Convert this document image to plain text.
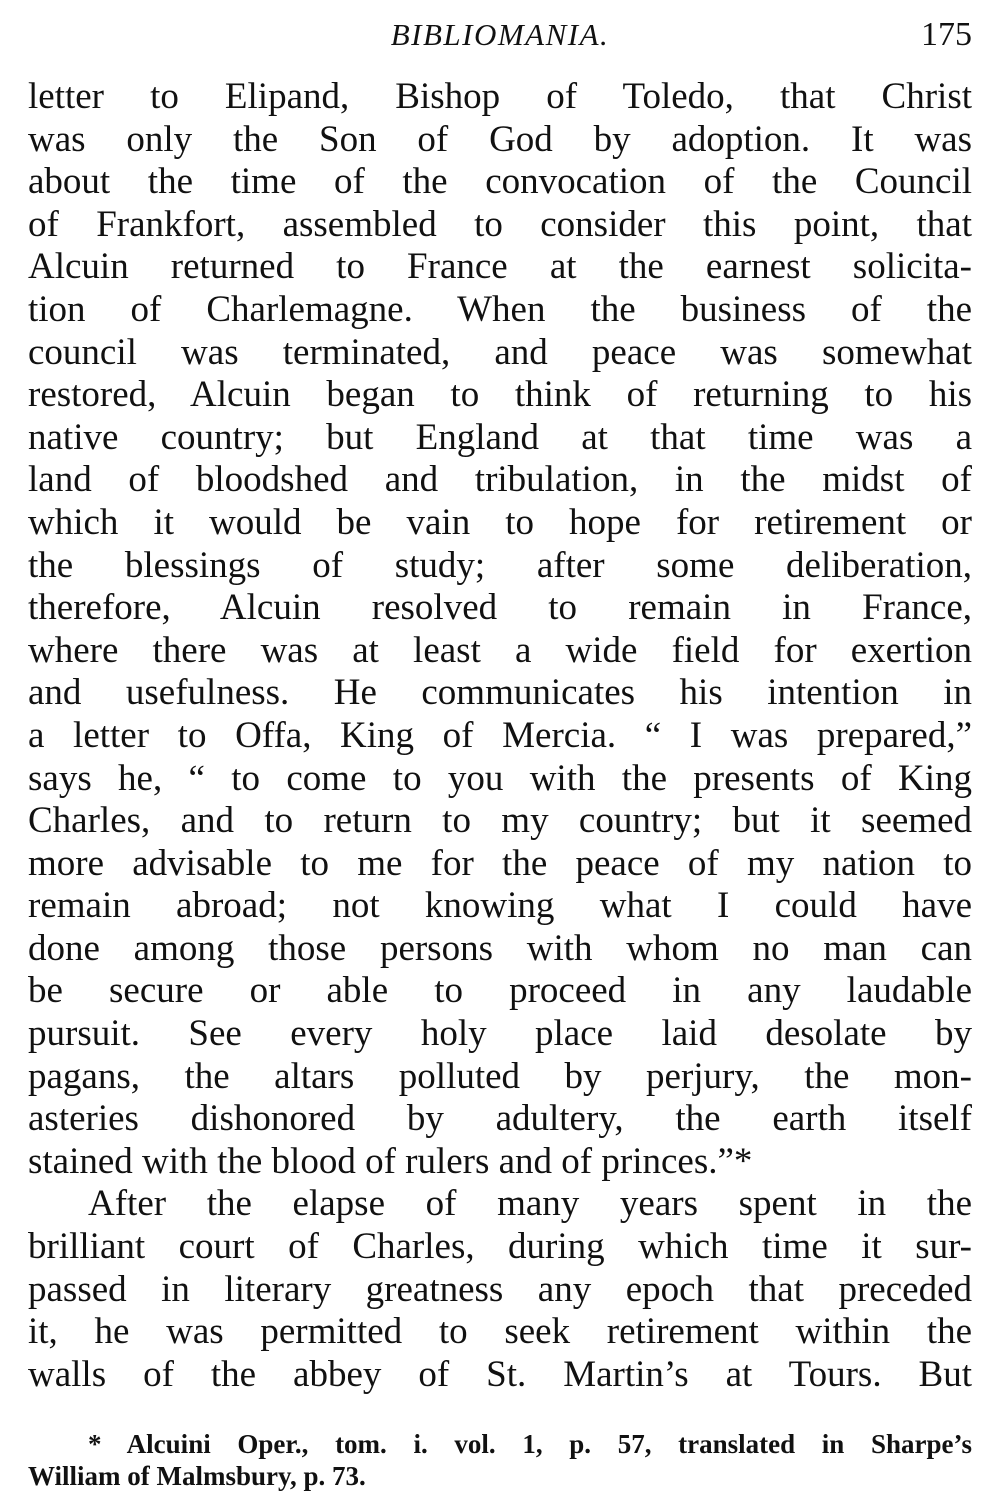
BIBLIOMANIA.	175
letter to Elipand, Bishop of Toledo, that Christ
was only the Son of God by adoption. It was
about the time of the convocation of the Council
of Frankfort, assembled to consider this point, that
Alcuin returned to France at the earnest solicita-
tion of Charlemagne. When the business of the
council was terminated, and peace was somewhat
restored, Alcuin began to think of returning to his
native country; but England at that time was a
land of bloodshed and tribulation, in the midst of
which it would be vain to hope for retirement or
the blessings of study; after some deliberation,
therefore, Alcuin resolved to remain in France,
where there was at least a wide field for exertion
and usefulness. He communicates his intention in
a letter to Offa, King of Mercia. “ I was prepared,”
says he, “ to come to you with the presents of King
Charles, and to return to my country; but it seemed
more advisable to me for the peace of my nation to
remain abroad; not knowing what I could have
done among those persons with whom no man can
be secure or able to proceed in any laudable
pursuit. See every holy place laid desolate by
pagans, the altars polluted by perjury, the mon-
asteries dishonored by adultery, the earth itself
stained with the blood of rulers and of princes.”*
After the elapse of many years spent in the
brilliant court of Charles, during which time it sur-
passed in literary greatness any epoch that preceded
it, he was permitted to seek retirement within the
walls of the abbey of St. Martin’s at Tours. But
* Alcuini Oper., tom. i. vol. 1, p. 57, translated in Sharpe’s
William of Malmsbury, p. 73.
